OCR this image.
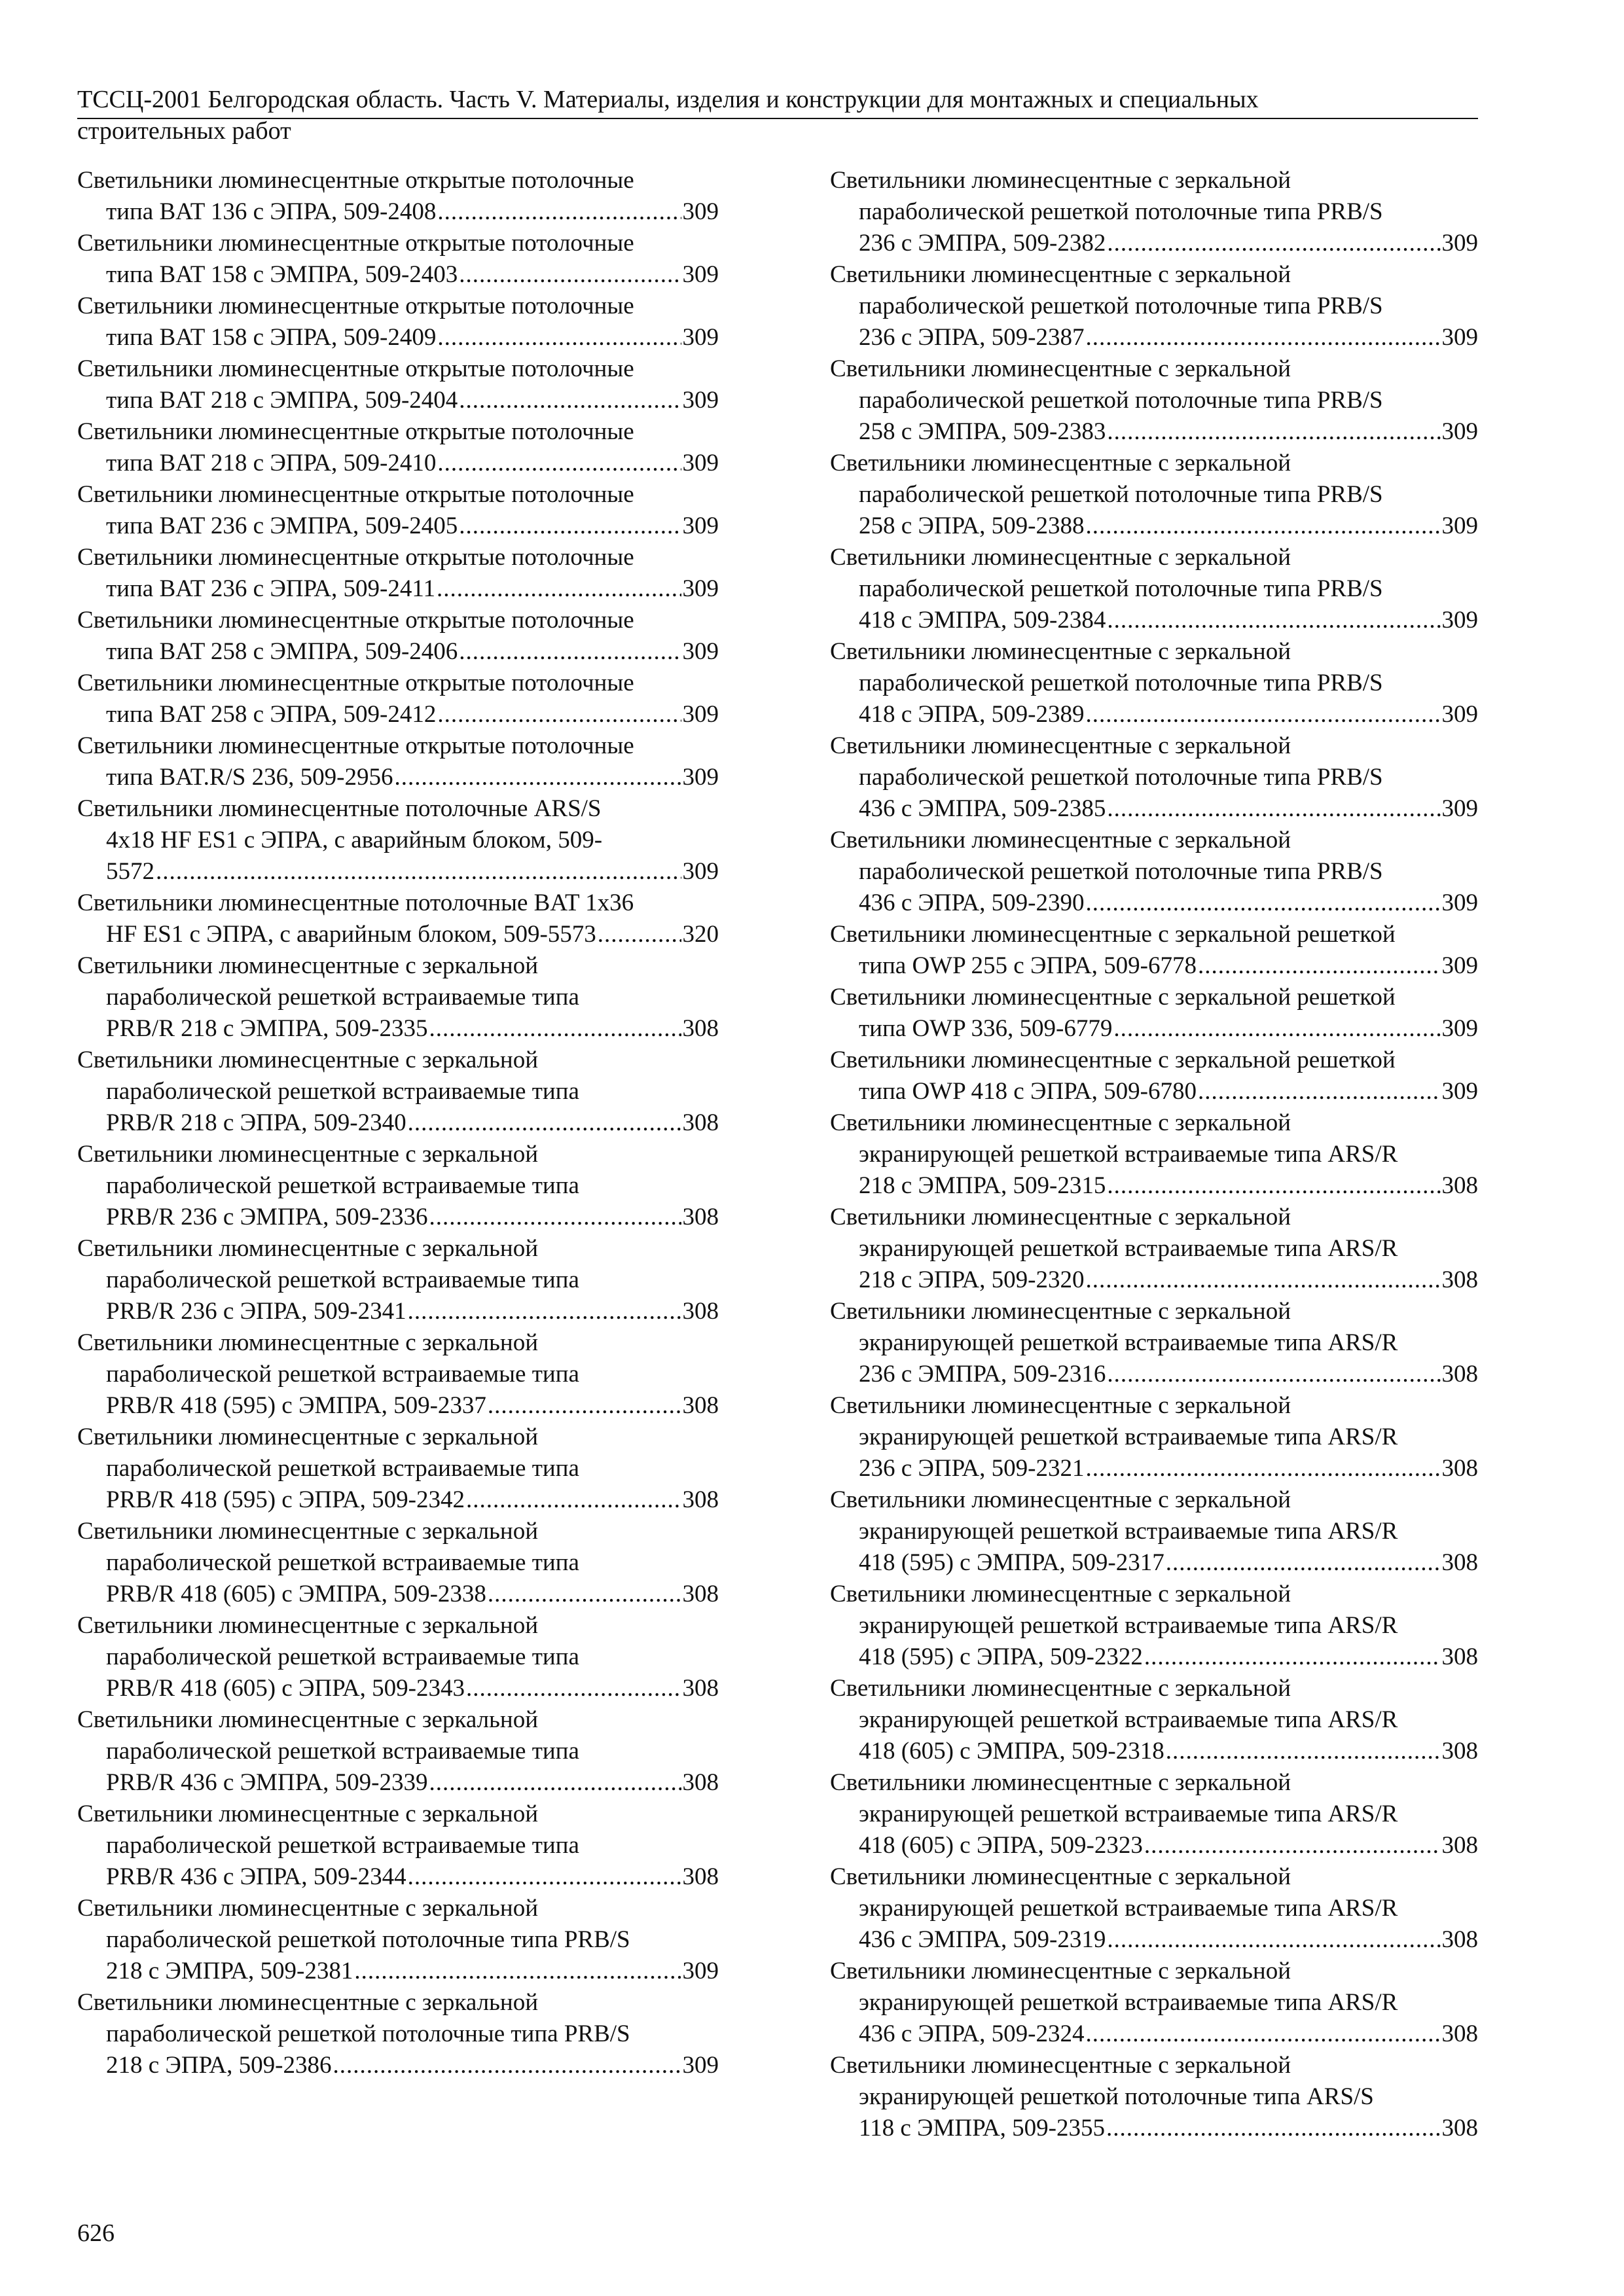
ТССЦ-2001 Белгородская область. Часть V. Материалы, изделия и конструкции для монтажных и специальных
строительных работ
Светильники люминесцентные открытые потолочные
типа BAT 136 с ЭПРА, 509-2408 .....	309
Светильники люминесцентные открытые потолочные
типа BAT 158 с ЭМПРА, 509-2403 .....	309
Светильники люминесцентные открытые потолочные
типа BAT 158 с ЭПРА, 509-2409 .....	309
Светильники люминесцентные открытые потолочные
типа BAT 218 с ЭМПРА, 509-2404 .....	309
Светильники люминесцентные открытые потолочные
типа BAT 218 с ЭПРА, 509-2410 .....	309
Светильники люминесцентные открытые потолочные
типа BAT 236 с ЭМПРА, 509-2405 .....	309
Светильники люминесцентные открытые потолочные
типа BAT 236 с ЭПРА, 509-2411 .....	309
Светильники люминесцентные открытые потолочные
типа BAT 258 с ЭМПРА, 509-2406 .....	309
Светильники люминесцентные открытые потолочные
типа BAT 258 с ЭПРА, 509-2412 .....	309
Светильники люминесцентные открытые потолочные
типа BAT.R/S 236, 509-2956 .....	309
Светильники люминесцентные потолочные ARS/S
4x18 HF ES1 с ЭПРА, с аварийным блоком, 509-
5572 .....	309
Светильники люминесцентные потолочные BAT 1x36
HF ES1 с ЭПРА, с аварийным блоком, 509-5573 .....	320
Светильники люминесцентные с зеркальной
параболической решеткой встраиваемые типа
PRB/R 218 с ЭМПРА, 509-2335 .....	308
Светильники люминесцентные с зеркальной
параболической решеткой встраиваемые типа
PRB/R 218 с ЭПРА, 509-2340 .....	308
Светильники люминесцентные с зеркальной
параболической решеткой встраиваемые типа
PRB/R 236 с ЭМПРА, 509-2336 .....	308
Светильники люминесцентные с зеркальной
параболической решеткой встраиваемые типа
PRB/R 236 с ЭПРА, 509-2341 .....	308
Светильники люминесцентные с зеркальной
параболической решеткой встраиваемые типа
PRB/R 418 (595) с ЭМПРА, 509-2337 .....	308
Светильники люминесцентные с зеркальной
параболической решеткой встраиваемые типа
PRB/R 418 (595) с ЭПРА, 509-2342 .....	308
Светильники люминесцентные с зеркальной
параболической решеткой встраиваемые типа
PRB/R 418 (605) с ЭМПРА, 509-2338 .....	308
Светильники люминесцентные с зеркальной
параболической решеткой встраиваемые типа
PRB/R 418 (605) с ЭПРА, 509-2343 .....	308
Светильники люминесцентные с зеркальной
параболической решеткой встраиваемые типа
PRB/R 436 с ЭМПРА, 509-2339 .....	308
Светильники люминесцентные с зеркальной
параболической решеткой встраиваемые типа
PRB/R 436 с ЭПРА, 509-2344 .....	308
Светильники люминесцентные с зеркальной
параболической решеткой потолочные типа PRB/S
218 с ЭМПРА, 509-2381 .....	309
Светильники люминесцентные с зеркальной
параболической решеткой потолочные типа PRB/S
218 с ЭПРА, 509-2386 .....	309
Светильники люминесцентные с зеркальной
параболической решеткой потолочные типа PRB/S
236 с ЭМПРА, 509-2382 .....	309
Светильники люминесцентные с зеркальной
параболической решеткой потолочные типа PRB/S
236 с ЭПРА, 509-2387 .....	309
Светильники люминесцентные с зеркальной
параболической решеткой потолочные типа PRB/S
258 с ЭМПРА, 509-2383 .....	309
Светильники люминесцентные с зеркальной
параболической решеткой потолочные типа PRB/S
258 с ЭПРА, 509-2388 .....	309
Светильники люминесцентные с зеркальной
параболической решеткой потолочные типа PRB/S
418 с ЭМПРА, 509-2384 .....	309
Светильники люминесцентные с зеркальной
параболической решеткой потолочные типа PRB/S
418 с ЭПРА, 509-2389 .....	309
Светильники люминесцентные с зеркальной
параболической решеткой потолочные типа PRB/S
436 с ЭМПРА, 509-2385 .....	309
Светильники люминесцентные с зеркальной
параболической решеткой потолочные типа PRB/S
436 с ЭПРА, 509-2390 .....	309
Светильники люминесцентные с зеркальной решеткой
типа OWP 255 с ЭПРА, 509-6778 .....	309
Светильники люминесцентные с зеркальной решеткой
типа OWP 336, 509-6779 .....	309
Светильники люминесцентные с зеркальной решеткой
типа OWP 418 с ЭПРА, 509-6780 .....	309
Светильники люминесцентные с зеркальной
экранирующей решеткой встраиваемые типа ARS/R
218 с ЭМПРА, 509-2315 .....	308
Светильники люминесцентные с зеркальной
экранирующей решеткой встраиваемые типа ARS/R
218 с ЭПРА, 509-2320 .....	308
Светильники люминесцентные с зеркальной
экранирующей решеткой встраиваемые типа ARS/R
236 с ЭМПРА, 509-2316 .....	308
Светильники люминесцентные с зеркальной
экранирующей решеткой встраиваемые типа ARS/R
236 с ЭПРА, 509-2321 .....	308
Светильники люминесцентные с зеркальной
экранирующей решеткой встраиваемые типа ARS/R
418 (595) с ЭМПРА, 509-2317 .....	308
Светильники люминесцентные с зеркальной
экранирующей решеткой встраиваемые типа ARS/R
418 (595) с ЭПРА, 509-2322 .....	308
Светильники люминесцентные с зеркальной
экранирующей решеткой встраиваемые типа ARS/R
418 (605) с ЭМПРА, 509-2318 .....	308
Светильники люминесцентные с зеркальной
экранирующей решеткой встраиваемые типа ARS/R
418 (605) с ЭПРА, 509-2323 .....	308
Светильники люминесцентные с зеркальной
экранирующей решеткой встраиваемые типа ARS/R
436 с ЭМПРА, 509-2319 .....	308
Светильники люминесцентные с зеркальной
экранирующей решеткой встраиваемые типа ARS/R
436 с ЭПРА, 509-2324 .....	308
Светильники люминесцентные с зеркальной
экранирующей решеткой потолочные типа ARS/S
118 с ЭМПРА, 509-2355 .....	308
626
